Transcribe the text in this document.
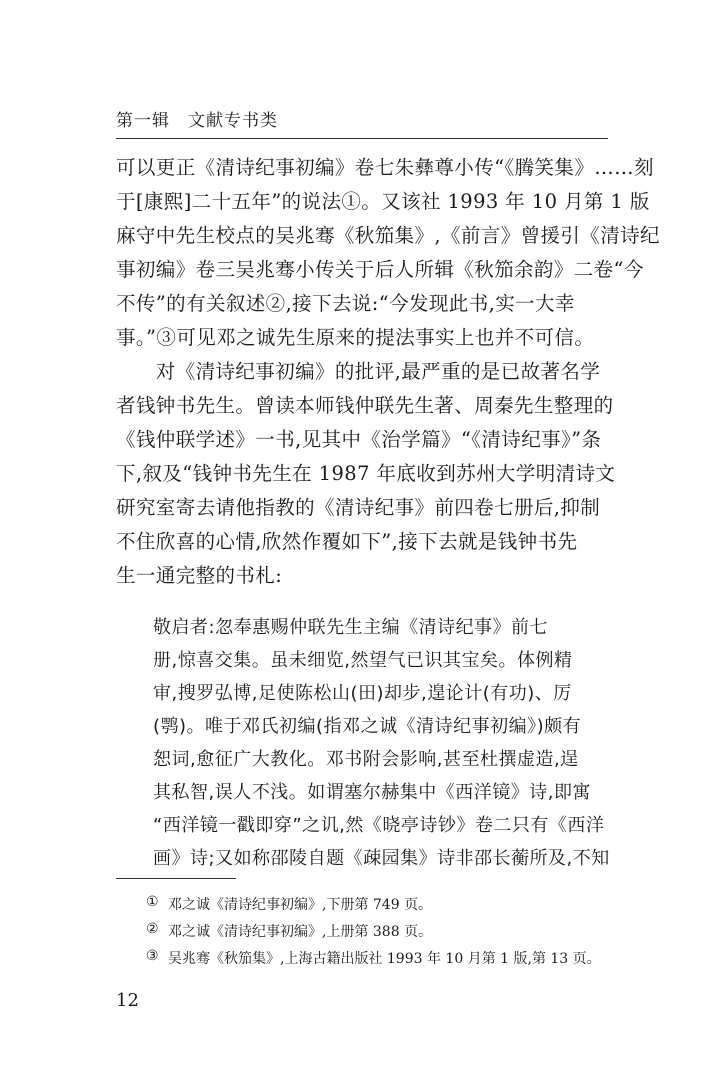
第一辑　文献专书类
可以更正《清诗纪事初编》卷七朱彝尊小传“《腾笑集》……刻
于[康熙]二十五年”的说法①。又该社 1993 年 10 月第 1 版
麻守中先生校点的吴兆骞《秋笳集》,《前言》曾援引《清诗纪
事初编》卷三吴兆骞小传关于后人所辑《秋笳余韵》二卷“今
不传”的有关叙述②,接下去说:“今发现此书,实一大幸
事。”③可见邓之诚先生原来的提法事实上也并不可信。
　　对《清诗纪事初编》的批评,最严重的是已故著名学
者钱钟书先生。曾读本师钱仲联先生著、周秦先生整理的
《钱仲联学述》一书,见其中《治学篇》“《清诗纪事》”条
下,叙及“钱钟书先生在 1987 年底收到苏州大学明清诗文
研究室寄去请他指教的《清诗纪事》前四卷七册后,抑制
不住欣喜的心情,欣然作覆如下”,接下去就是钱钟书先
生一通完整的书札:
　　敬启者:忽奉惠赐仲联先生主编《清诗纪事》前七
册,惊喜交集。虽未细览,然望气已识其宝矣。体例精
审,搜罗弘博,足使陈松山(田)却步,遑论计(有功)、厉
(鹗)。唯于邓氏初编(指邓之诚《清诗纪事初编》)颇有
恕词,愈征广大教化。邓书附会影响,甚至杜撰虚造,逞
其私智,误人不浅。如谓塞尔赫集中《西洋镜》诗,即寓
“西洋镜一戳即穿”之讥,然《晓亭诗钞》卷二只有《西洋
画》诗;又如称邵陵自题《疎园集》诗非邵长蘅所及,不知
① 邓之诚《清诗纪事初编》,下册第 749 页。
② 邓之诚《清诗纪事初编》,上册第 388 页。
③ 吴兆骞《秋笳集》,上海古籍出版社 1993 年 10 月第 1 版,第 13 页。
12
